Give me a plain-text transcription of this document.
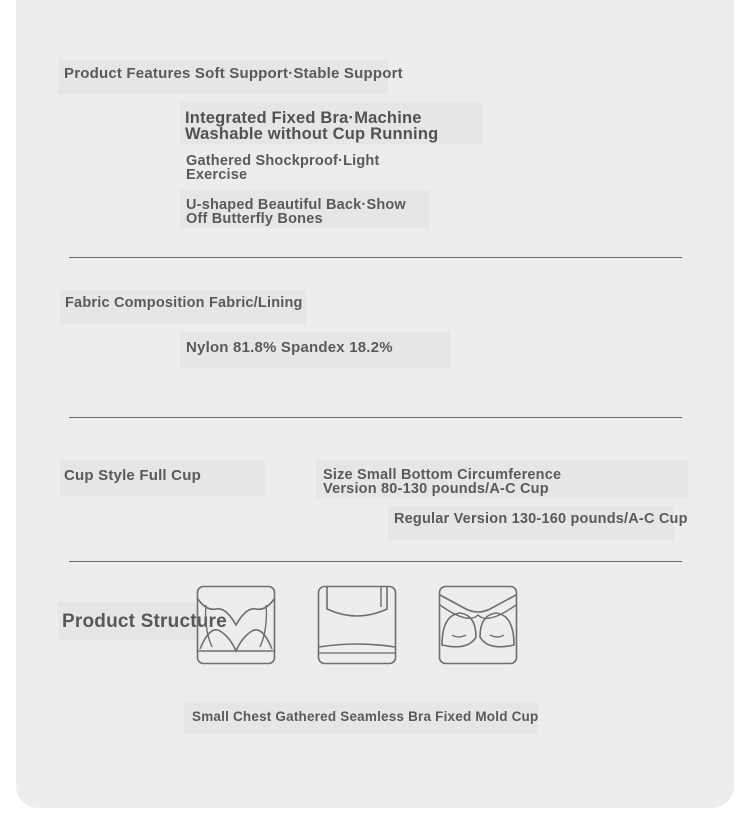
Product Features Soft Support·Stable Support
Integrated Fixed Bra·Machine
Washable without Cup Running
Gathered Shockproof·Light
Exercise
U-shaped Beautiful Back·Show
Off Butterfly Bones
Fabric Composition Fabric/Lining
Nylon 81.8% Spandex 18.2%
Cup Style Full Cup	Size Small Bottom Circumference
Version 80-130 pounds/A-C Cup
Regular Version 130-160 pounds/A-C Cup
Product Structure
Small Chest Gathered Seamless Bra Fixed Mold Cup
